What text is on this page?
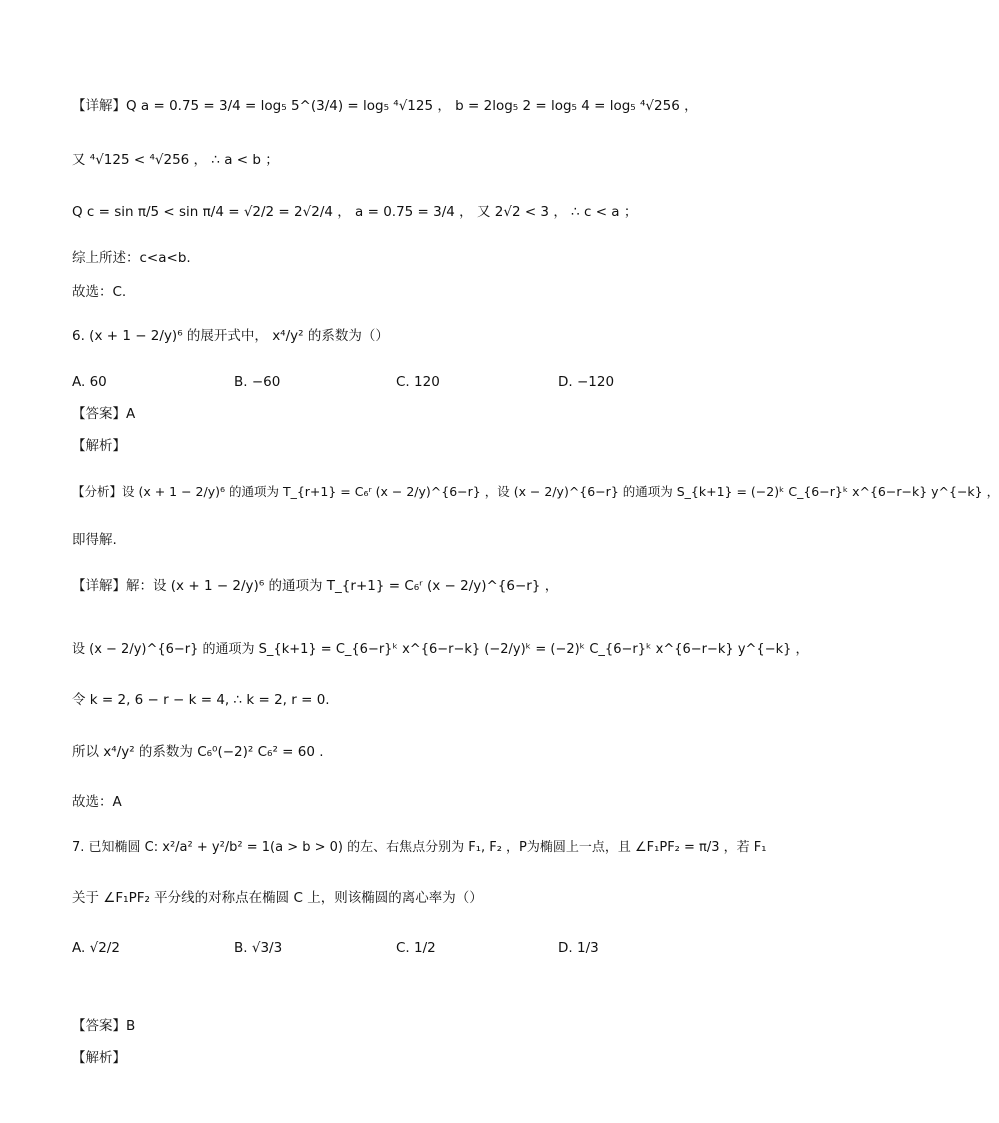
【详解】Q a = 0.75 = 3/4 = log₅ 5^(3/4) = log₅ ⁴√125 ， b = 2log₅ 2 = log₅ 4 = log₅ ⁴√256 ，
又 ⁴√125 < ⁴√256 ， ∴ a < b ；
Q c = sin π/5 < sin π/4 = √2/2 = 2√2/4 ， a = 0.75 = 3/4 ， 又 2√2 < 3 ， ∴ c < a ；
综上所述：c<a<b.
故选：C.
6. (x + 1 − 2/y)⁶ 的展开式中， x⁴/y² 的系数为（）
A. 60	B. −60	C. 120	D. −120
【答案】A
【解析】
【分析】设 (x + 1 − 2/y)⁶ 的通项为 T_{r+1} = C₆ʳ (x − 2/y)^{6−r} ，设 (x − 2/y)^{6−r} 的通项为 S_{k+1} = (−2)ᵏ C_{6−r}ᵏ x^{6−r−k} y^{−k} ，
即得解.
【详解】解：设 (x + 1 − 2/y)⁶ 的通项为 T_{r+1} = C₆ʳ (x − 2/y)^{6−r} ，
设 (x − 2/y)^{6−r} 的通项为 S_{k+1} = C_{6−r}ᵏ x^{6−r−k} (−2/y)ᵏ = (−2)ᵏ C_{6−r}ᵏ x^{6−r−k} y^{−k} ，
令 k = 2, 6 − r − k = 4, ∴ k = 2, r = 0.
所以 x⁴/y² 的系数为 C₆⁰(−2)² C₆² = 60 .
故选：A
7. 已知椭圆 C: x²/a² + y²/b² = 1(a > b > 0) 的左、右焦点分别为 F₁, F₂ ，P为椭圆上一点，且 ∠F₁PF₂ = π/3 ，若 F₁
关于 ∠F₁PF₂ 平分线的对称点在椭圆 C 上，则该椭圆的离心率为（）
A. √2/2	B. √3/3	C. 1/2	D. 1/3
【答案】B
【解析】
